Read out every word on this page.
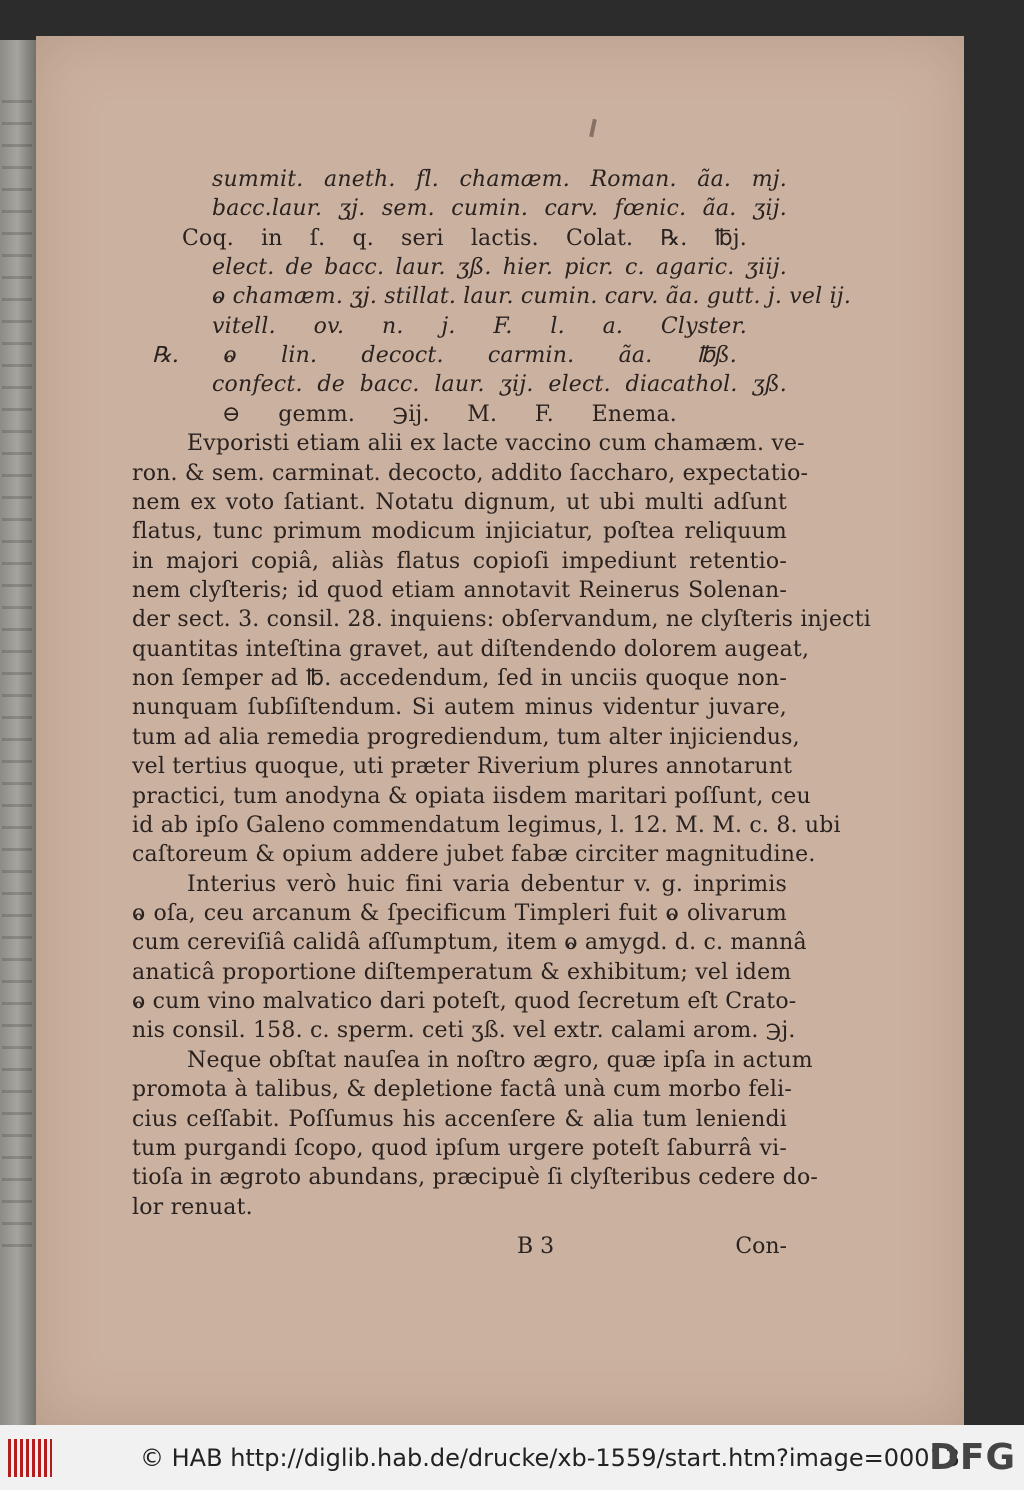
summit. aneth. fl. chamæm. Roman. ãa. mj.
bacc.laur. ʒj. sem. cumin. carv. fœnic. ãa. ʒij.
Coq. in ſ. q. seri lactis. Colat. ℞. ℔j.
elect. de bacc. laur. ʒß. hier. picr. c. agaric. ʒiij.
ⱺ chamæm. ʒj. stillat. laur. cumin. carv. ãa. gutt. j. vel ij.
vitell. ov. n. j. F. l. a. Clyster.
℞. ⱺ lin. decoct. carmin. ãa. ℔ß.
confect. de bacc. laur. ʒij. elect. diacathol. ʒß.
⊖ gemm. ℈ij. M. F. Enema.
Evporisti etiam alii ex lacte vaccino cum chamæm. ve-
ron. & sem. carminat. decocto, addito ſaccharo, expectatio-
nem ex voto ſatiant. Notatu dignum, ut ubi multi adſunt
flatus, tunc primum modicum injiciatur, poſtea reliquum
in majori copiâ, aliàs flatus copioſi impediunt retentio-
nem clyſteris; id quod etiam annotavit Reinerus Solenan-
der sect. 3. consil. 28. inquiens: obſervandum, ne clyſteris injecti
quantitas inteſtina gravet, aut diſtendendo dolorem augeat,
non ſemper ad ℔. accedendum, ſed in unciis quoque non-
nunquam ſubſiſtendum. Si autem minus videntur juvare,
tum ad alia remedia progrediendum, tum alter injiciendus,
vel tertius quoque, uti præter Riverium plures annotarunt
practici, tum anodyna & opiata iisdem maritari poſſunt, ceu
id ab ipſo Galeno commendatum legimus, l. 12. M. M. c. 8. ubi
caſtoreum & opium addere jubet fabæ circiter magnitudine.
Interius verò huic fini varia debentur v. g. inprimis
ⱺ oſa, ceu arcanum & ſpecificum Timpleri fuit ⱺ olivarum
cum cereviſiâ calidâ aſſumptum, item ⱺ amygd. d. c. mannâ
anaticâ proportione diſtemperatum & exhibitum; vel idem
ⱺ cum vino malvatico dari poteſt, quod ſecretum eſt Crato-
nis consil. 158. c. sperm. ceti ʒß. vel extr. calami arom. ℈j.
Neque obſtat nauſea in noſtro ægro, quæ ipſa in actum
promota à talibus, & depletione factâ unà cum morbo feli-
cius ceſſabit. Poſſumus his accenſere & alia tum leniendi
tum purgandi ſcopo, quod ipſum urgere poteſt ſaburrâ vi-
tioſa in ægroto abundans, præcipuè ſi clyſteribus cedere do-
lor renuat.
B 3	Con-
© HAB http://diglib.hab.de/drucke/xb-1559/start.htm?image=00013
DFG
